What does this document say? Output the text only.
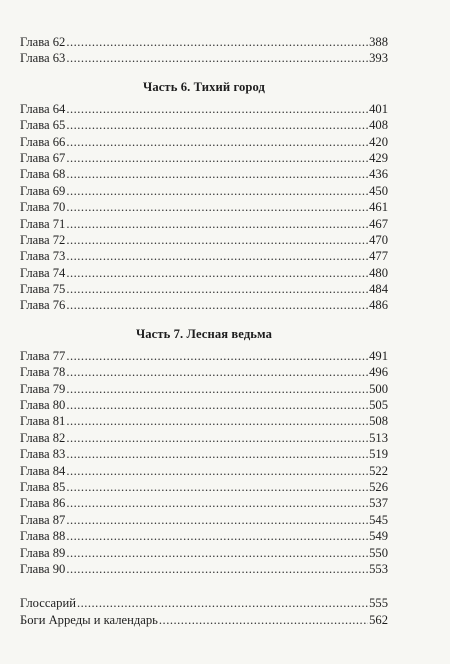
Глава 62 .....	388
Глава 63 .....	393
Часть 6. Тихий город
Глава 64 .....	401
Глава 65 .....	408
Глава 66 .....	420
Глава 67 .....	429
Глава 68 .....	436
Глава 69 .....	450
Глава 70 .....	461
Глава 71 .....	467
Глава 72 .....	470
Глава 73 .....	477
Глава 74 .....	480
Глава 75 .....	484
Глава 76 .....	486
Часть 7. Лесная ведьма
Глава 77 .....	491
Глава 78 .....	496
Глава 79 .....	500
Глава 80 .....	505
Глава 81 .....	508
Глава 82 .....	513
Глава 83 .....	519
Глава 84 .....	522
Глава 85 .....	526
Глава 86 .....	537
Глава 87 .....	545
Глава 88 .....	549
Глава 89 .....	550
Глава 90 .....	553
Глоссарий .....	555
Боги Арреды и календарь .....	562
